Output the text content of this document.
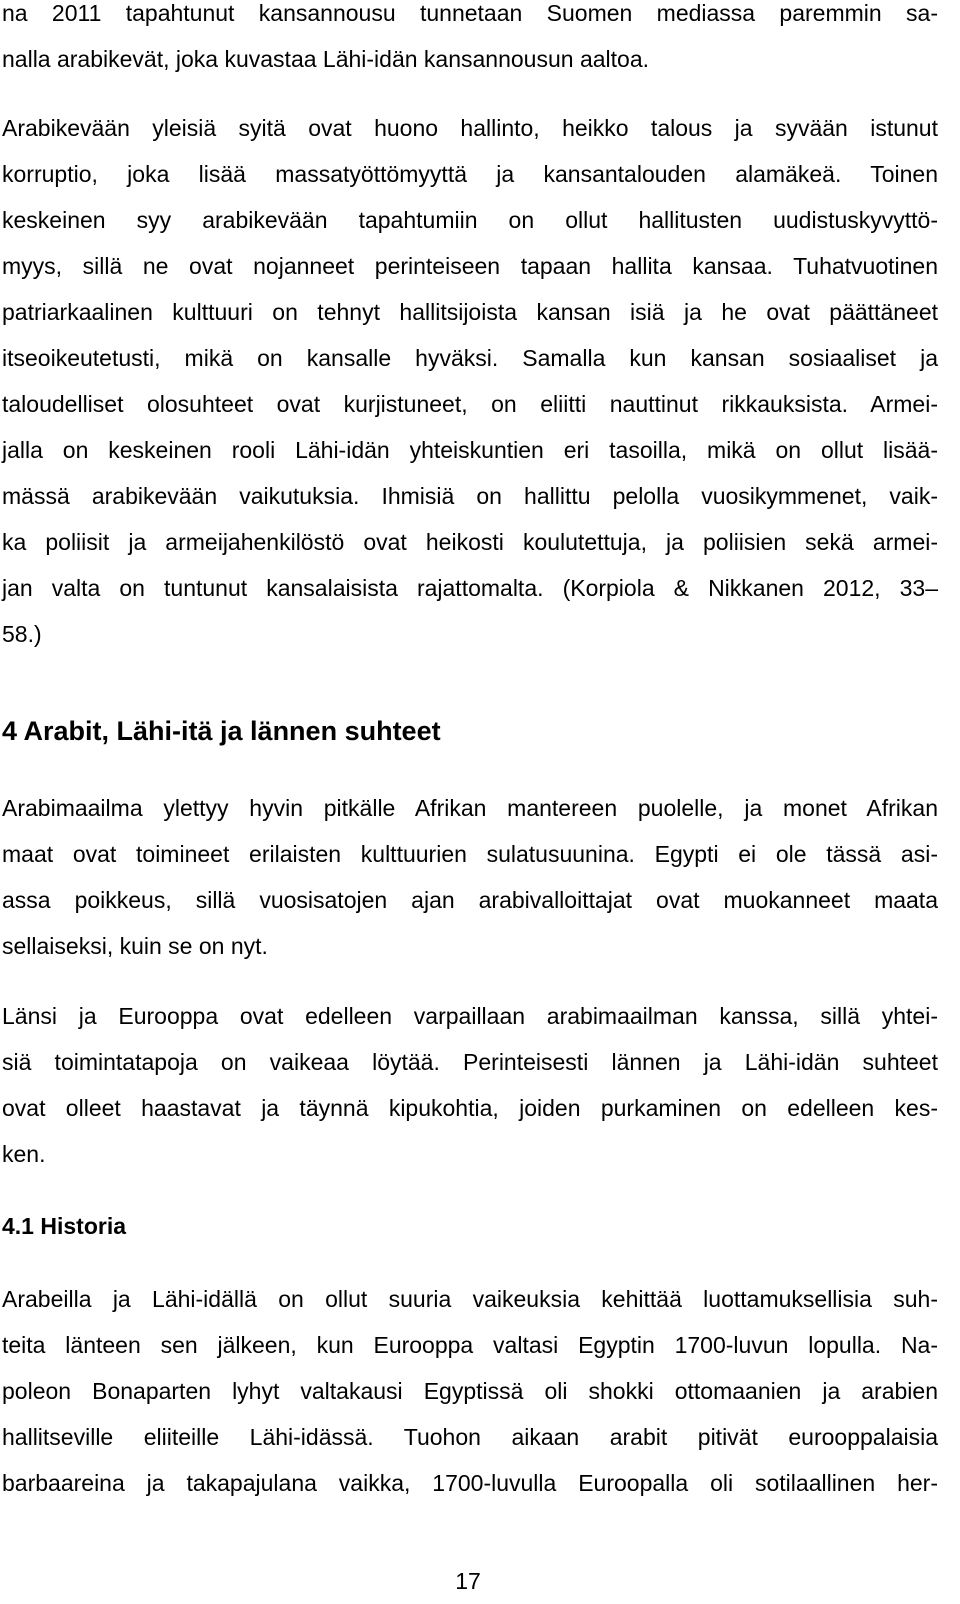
na 2011 tapahtunut kansannousu tunnetaan Suomen mediassa paremmin sa-
nalla arabikevät, joka kuvastaa Lähi-idän kansannousun aaltoa.
Arabikevään yleisiä syitä ovat huono hallinto, heikko talous ja syvään istunut
korruptio, joka lisää massatyöttömyyttä ja kansantalouden alamäkeä. Toinen
keskeinen syy arabikevään tapahtumiin on ollut hallitusten uudistuskyvyttö-
myys, sillä ne ovat nojanneet perinteiseen tapaan hallita kansaa. Tuhatvuotinen
patriarkaalinen kulttuuri on tehnyt hallitsijoista kansan isiä ja he ovat päättäneet
itseoikeutetusti, mikä on kansalle hyväksi. Samalla kun kansan sosiaaliset ja
taloudelliset olosuhteet ovat kurjistuneet, on eliitti nauttinut rikkauksista. Armei-
jalla on keskeinen rooli Lähi-idän yhteiskuntien eri tasoilla, mikä on ollut lisää-
mässä arabikevään vaikutuksia. Ihmisiä on hallittu pelolla vuosikymmenet, vaik-
ka poliisit ja armeijahenkilöstö ovat heikosti koulutettuja, ja poliisien sekä armei-
jan valta on tuntunut kansalaisista rajattomalta. (Korpiola & Nikkanen 2012, 33–
58.)
4 Arabit, Lähi-itä ja lännen suhteet
Arabimaailma ylettyy hyvin pitkälle Afrikan mantereen puolelle, ja monet Afrikan
maat ovat toimineet erilaisten kulttuurien sulatusuunina. Egypti ei ole tässä asi-
assa poikkeus, sillä vuosisatojen ajan arabivalloittajat ovat muokanneet maata
sellaiseksi, kuin se on nyt.
Länsi ja Eurooppa ovat edelleen varpaillaan arabimaailman kanssa, sillä yhtei-
siä toimintatapoja on vaikeaa löytää. Perinteisesti lännen ja Lähi-idän suhteet
ovat olleet haastavat ja täynnä kipukohtia, joiden purkaminen on edelleen kes-
ken.
4.1 Historia
Arabeilla ja Lähi-idällä on ollut suuria vaikeuksia kehittää luottamuksellisia suh-
teita länteen sen jälkeen, kun Eurooppa valtasi Egyptin 1700-luvun lopulla. Na-
poleon Bonaparten lyhyt valtakausi Egyptissä oli shokki ottomaanien ja arabien
hallitseville eliiteille Lähi-idässä. Tuohon aikaan arabit pitivät eurooppalaisia
barbaareina ja takapajulana vaikka, 1700-luvulla Euroopalla oli sotilaallinen her-
17
